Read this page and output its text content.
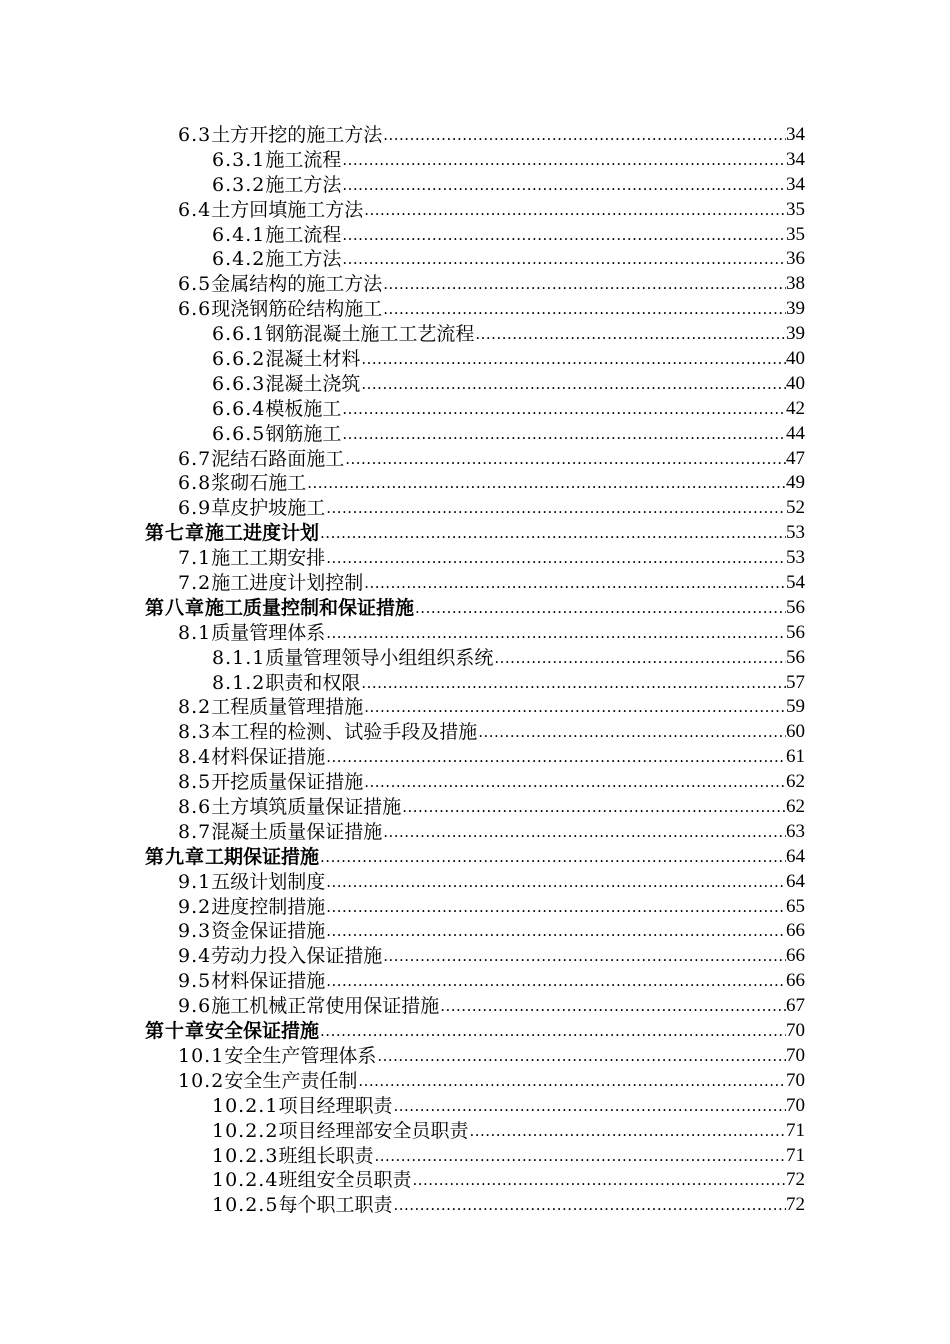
6.3 土方开挖的施工方法 .....	34
6.3.1 施工流程 .....	34
6.3.2 施工方法 .....	34
6.4 土方回填施工方法 .....	35
6.4.1 施工流程 .....	35
6.4.2 施工方法 .....	36
6.5 金属结构的施工方法 .....	38
6.6 现浇钢筋砼结构施工 .....	39
6.6.1 钢筋混凝土施工工艺流程 .....	39
6.6.2 混凝土材料 .....	40
6.6.3 混凝土浇筑 .....	40
6.6.4 模板施工 .....	42
6.6.5 钢筋施工 .....	44
6.7 泥结石路面施工 .....	47
6.8 浆砌石施工 .....	49
6.9 草皮护坡施工 .....	52
第七章 施工进度计划 .....	53
7.1 施工工期安排 .....	53
7.2 施工进度计划控制 .....	54
第八章 施工质量控制和保证措施 .....	56
8.1 质量管理体系 .....	56
8.1.1 质量管理领导小组组织系统 .....	56
8.1.2 职责和权限 .....	57
8.2 工程质量管理措施 .....	59
8.3 本工程的检测、试验手段及措施 .....	60
8.4 材料保证措施 .....	61
8.5 开挖质量保证措施 .....	62
8.6 土方填筑质量保证措施 .....	62
8.7 混凝土质量保证措施 .....	63
第九章 工期保证措施 .....	64
9.1 五级计划制度 .....	64
9.2 进度控制措施 .....	65
9.3 资金保证措施 .....	66
9.4 劳动力投入保证措施 .....	66
9.5 材料保证措施 .....	66
9.6 施工机械正常使用保证措施 .....	67
第十章 安全保证措施 .....	70
10.1 安全生产管理体系 .....	70
10.2 安全生产责任制 .....	70
10.2.1 项目经理职责 .....	70
10.2.2 项目经理部安全员职责 .....	71
10.2.3 班组长职责 .....	71
10.2.4 班组安全员职责 .....	72
10.2.5 每个职工职责 .....	72
